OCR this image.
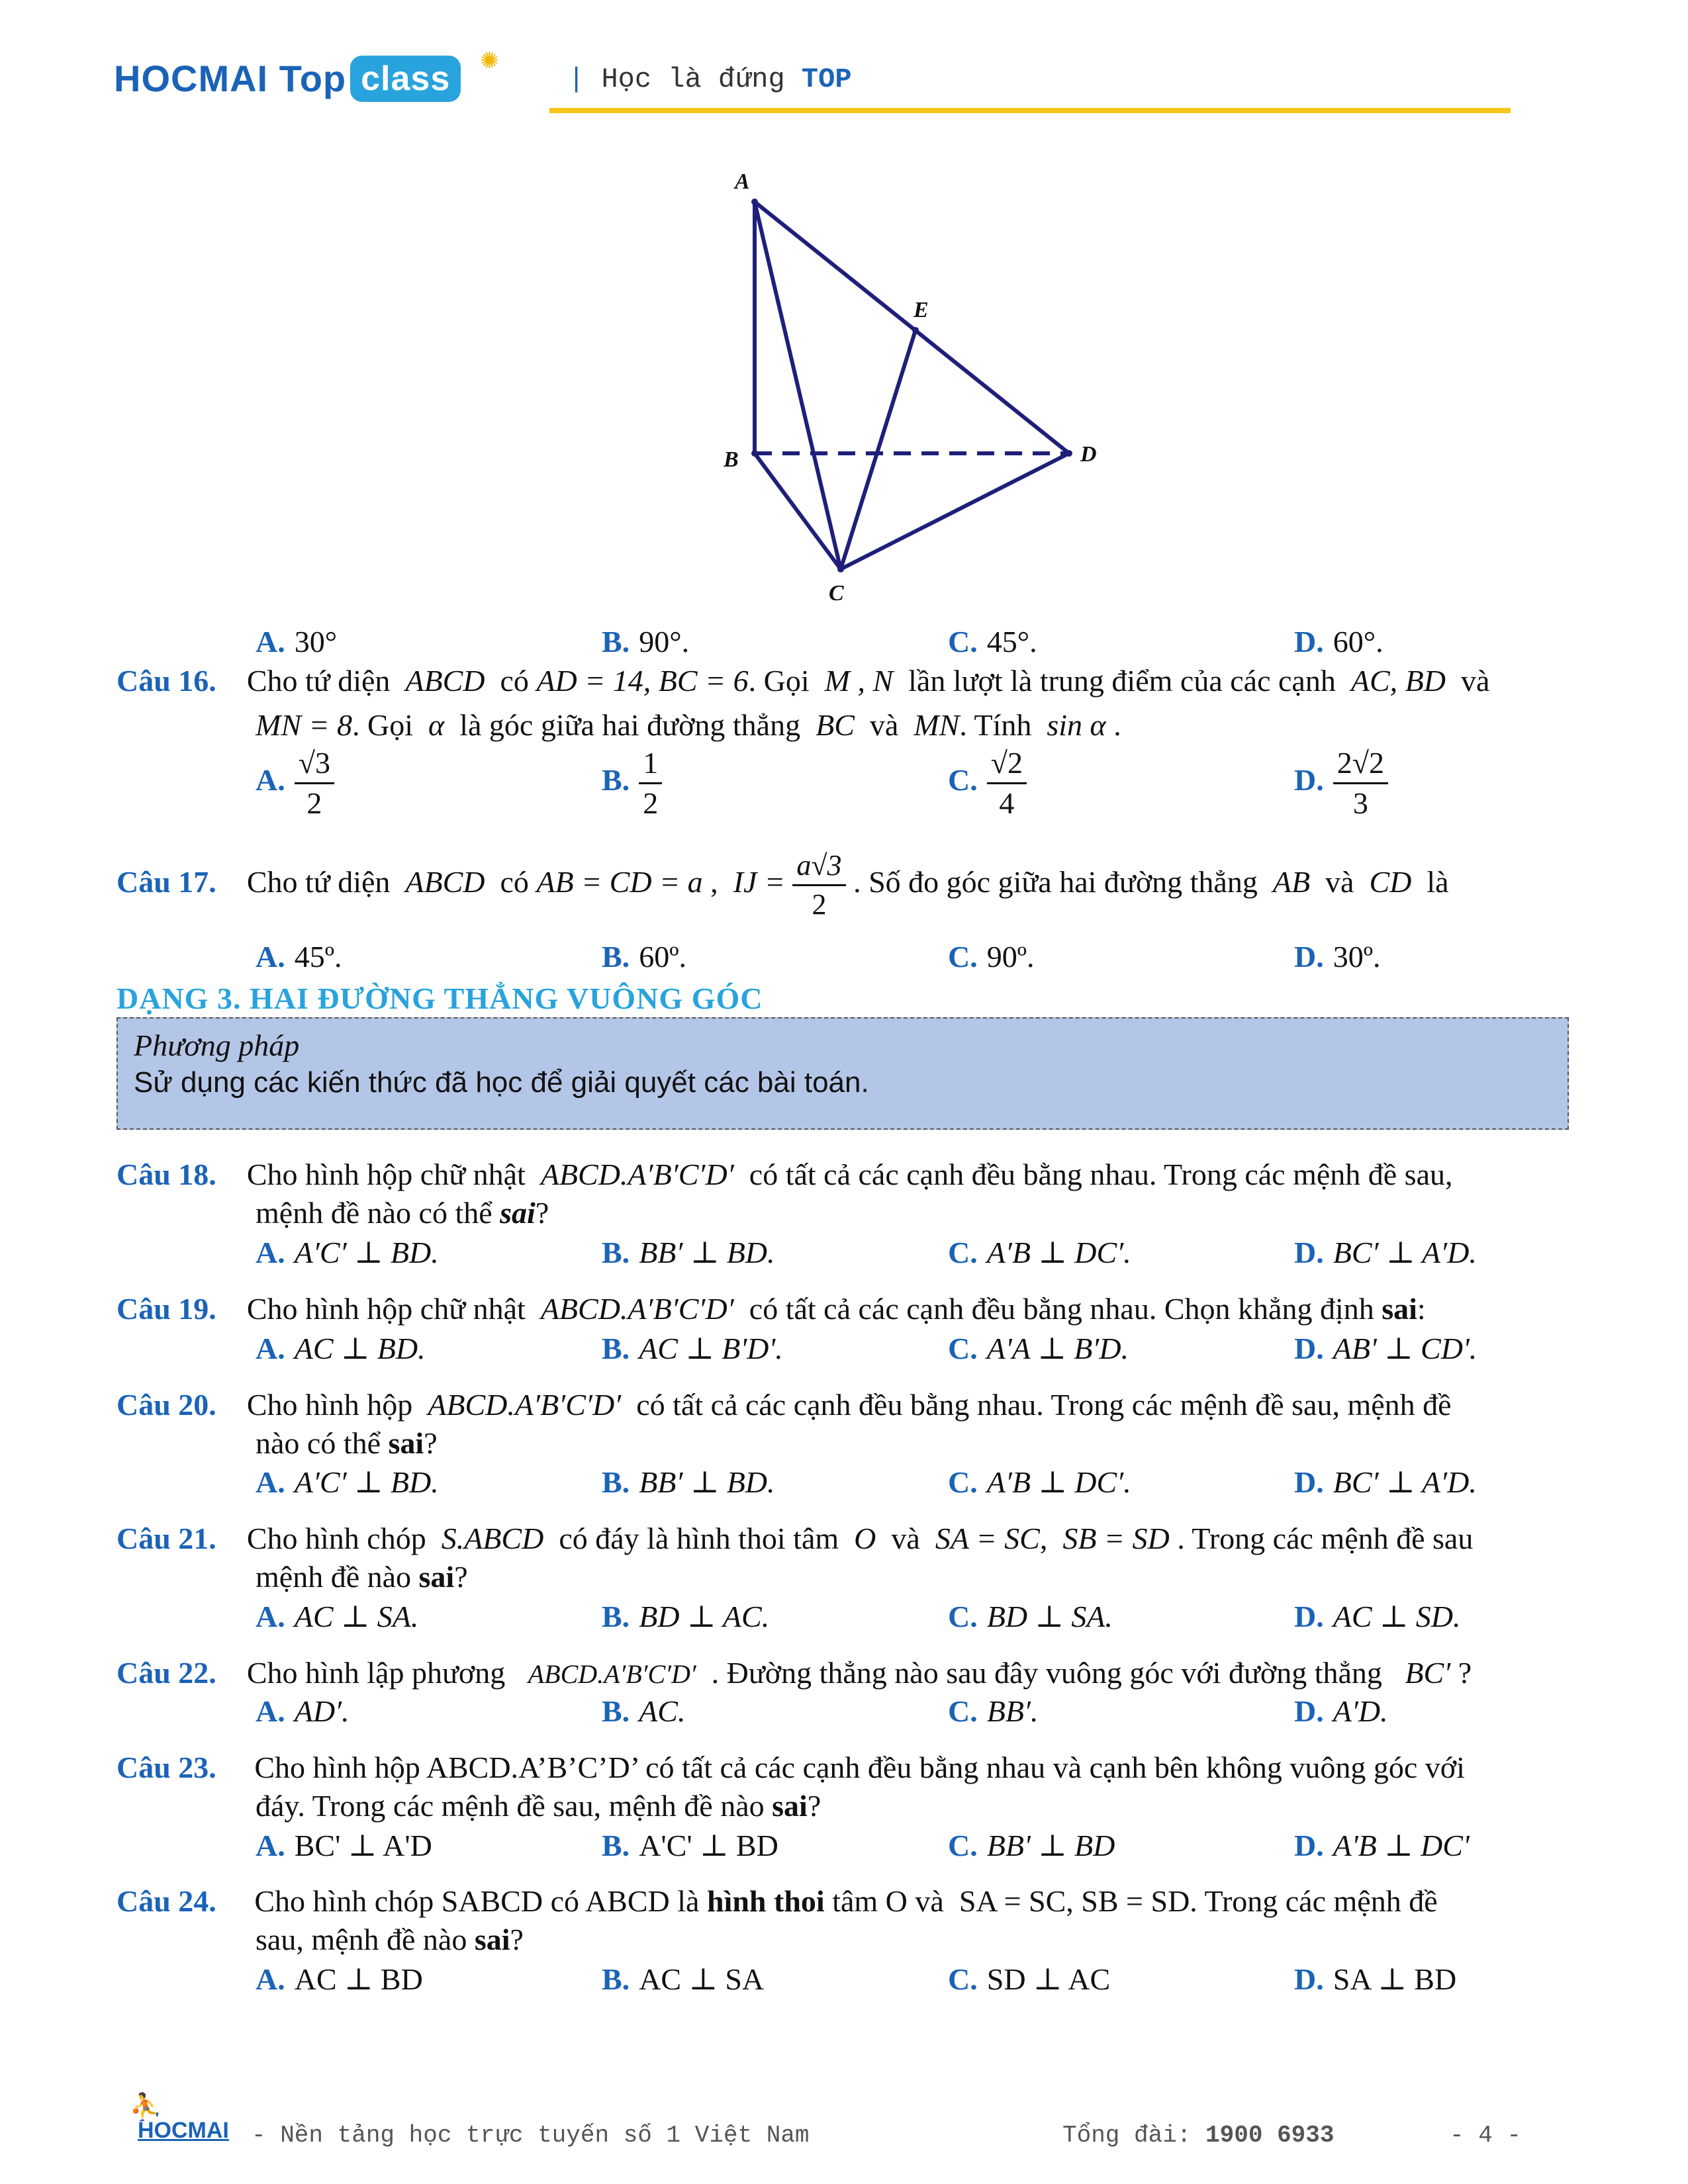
HOCMAI Top class	✺
| Học là đứng TOP
A
E
B	D
C
A. 30°	B. 90°.	C. 45°.	D. 60°.
Câu 16. Cho tứ diện ABCD có AD = 14, BC = 6. Gọi M , N lần lượt là trung điểm của các cạnh AC, BD và
MN = 8. Gọi α là góc giữa hai đường thẳng BC và MN. Tính sin α .
A. $\frac{√3}{2}$	B. $\frac{1}{2}$	C. $\frac{√2}{4}$	D. $\frac{2√2}{3}$
Câu 17. Cho tứ diện ABCD có AB = CD = a , IJ = $\frac{a√3}{2}$ . Số đo góc giữa hai đường thẳng AB và CD là
A. 45º.	B. 60º.	C. 90º.	D. 30º.
DẠNG 3. HAI ĐƯỜNG THẲNG VUÔNG GÓC
Phương pháp
Sử dụng các kiến thức đã học để giải quyết các bài toán.
Câu 18. Cho hình hộp chữ nhật ABCD.A′B′C′D′ có tất cả các cạnh đều bằng nhau. Trong các mệnh đề sau,
mệnh đề nào có thể sai?
A. A′C′ ⊥ BD.	B. BB′ ⊥ BD.	C. A′B ⊥ DC′.	D. BC′ ⊥ A′D.
Câu 19. Cho hình hộp chữ nhật ABCD.A′B′C′D′ có tất cả các cạnh đều bằng nhau. Chọn khẳng định sai:
A. AC ⊥ BD.	B. AC ⊥ B'D'.	C. A'A ⊥ B′D.	D. AB' ⊥ CD'.
Câu 20. Cho hình hộp ABCD.A′B′C′D′ có tất cả các cạnh đều bằng nhau. Trong các mệnh đề sau, mệnh đề
nào có thể sai?
A. A′C′ ⊥ BD.	B. BB′ ⊥ BD.	C. A′B ⊥ DC′.	D. BC′ ⊥ A′D.
Câu 21. Cho hình chóp S.ABCD có đáy là hình thoi tâm O và SA = SC, SB = SD . Trong các mệnh đề sau
mệnh đề nào sai?
A. AC ⊥ SA.	B. BD ⊥ AC.	C. BD ⊥ SA.	D. AC ⊥ SD.
Câu 22. Cho hình lập phương ABCD.A′B′C′D′ . Đường thẳng nào sau đây vuông góc với đường thẳng BC′ ?
A. AD′.	B. AC.	C. BB′.	D. A′D.
Câu 23. Cho hình hộp ABCD.A’B’C’D’ có tất cả các cạnh đều bằng nhau và cạnh bên không vuông góc với
đáy. Trong các mệnh đề sau, mệnh đề nào sai?
A. BC' ⊥ A'D	B. A'C' ⊥ BD	C. BB' ⊥ BD	D. A'B ⊥ DC'
Câu 24. Cho hình chóp SABCD có ABCD là hình thoi tâm O và SA = SC, SB = SD. Trong các mệnh đề
sau, mệnh đề nào sai?
A. AC ⊥ BD	B. AC ⊥ SA	C. SD ⊥ AC	D. SA ⊥ BD
⛹
HOCMAI - Nền tảng học trực tuyến số 1 Việt Nam	Tổng đài: 1900 6933	- 4 -
